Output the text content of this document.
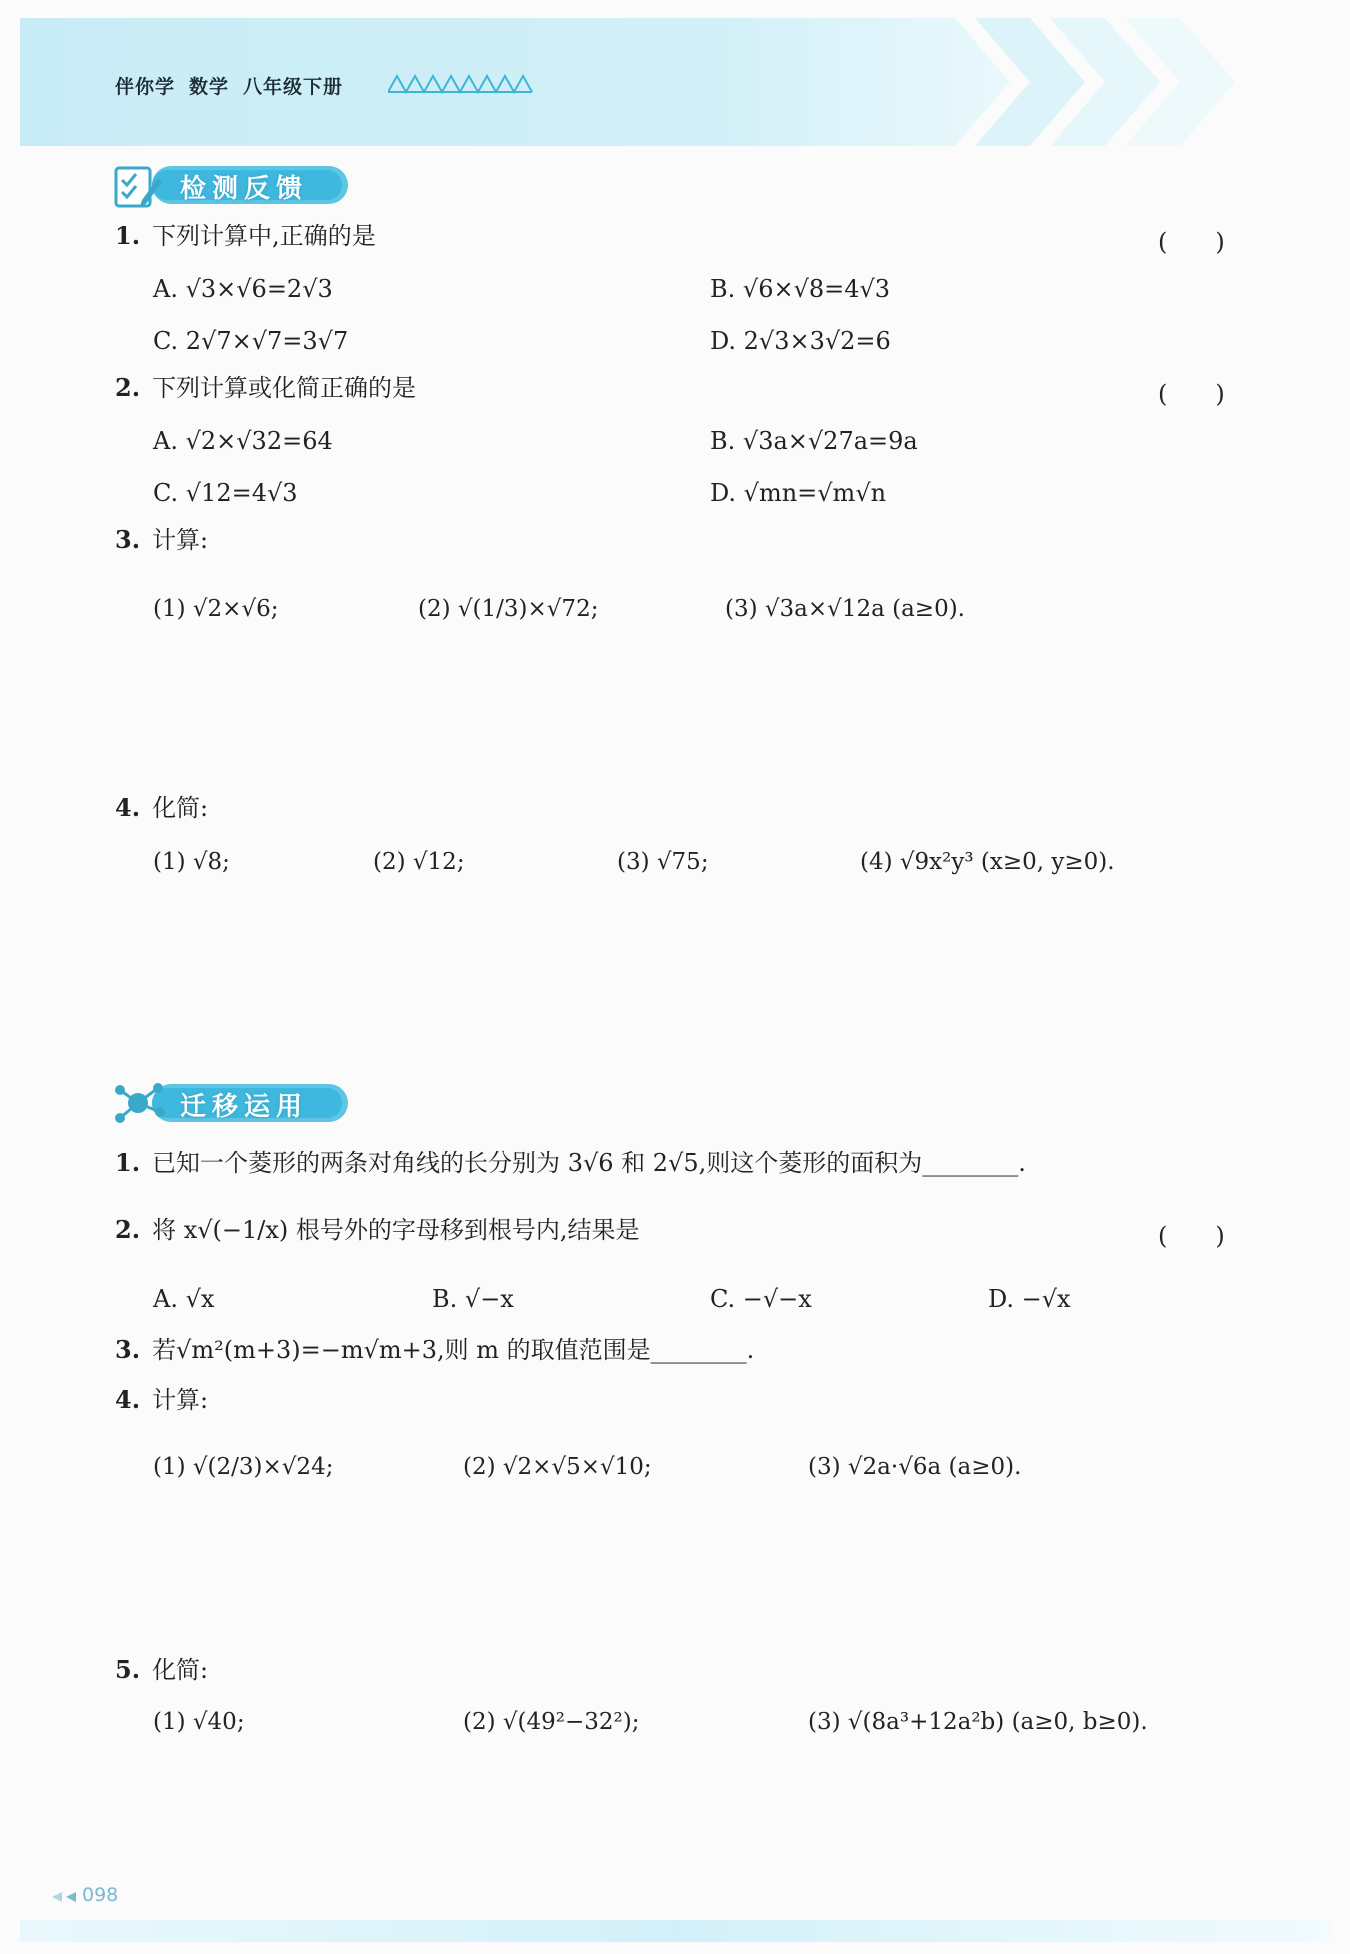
伴你学 数学 八年级下册
检测反馈
1. 下列计算中,正确的是	(　　)
A. √3×√6=2√3	B. √6×√8=4√3
C. 2√7×√7=3√7	D. 2√3×3√2=6
2. 下列计算或化简正确的是	(　　)
A. √2×√32=64	B. √3a×√27a=9a
C. √12=4√3	D. √mn=√m√n
3. 计算:
(1) √2×√6;	(2) √(1/3)×√72;	(3) √3a×√12a (a≥0).
4. 化简:
(1) √8;	(2) √12;	(3) √75;	(4) √9x²y³ (x≥0, y≥0).
迁移运用
1. 已知一个菱形的两条对角线的长分别为 3√6 和 2√5,则这个菱形的面积为________.
2. 将 x√(−1/x) 根号外的字母移到根号内,结果是	(　　)
A. √x	B. √−x	C. −√−x	D. −√x
3. 若√m²(m+3)=−m√m+3,则 m 的取值范围是________.
4. 计算:
(1) √(2/3)×√24;	(2) √2×√5×√10;	(3) √2a·√6a (a≥0).
5. 化简:
(1) √40;	(2) √(49²−32²);	(3) √(8a³+12a²b) (a≥0, b≥0).
098
